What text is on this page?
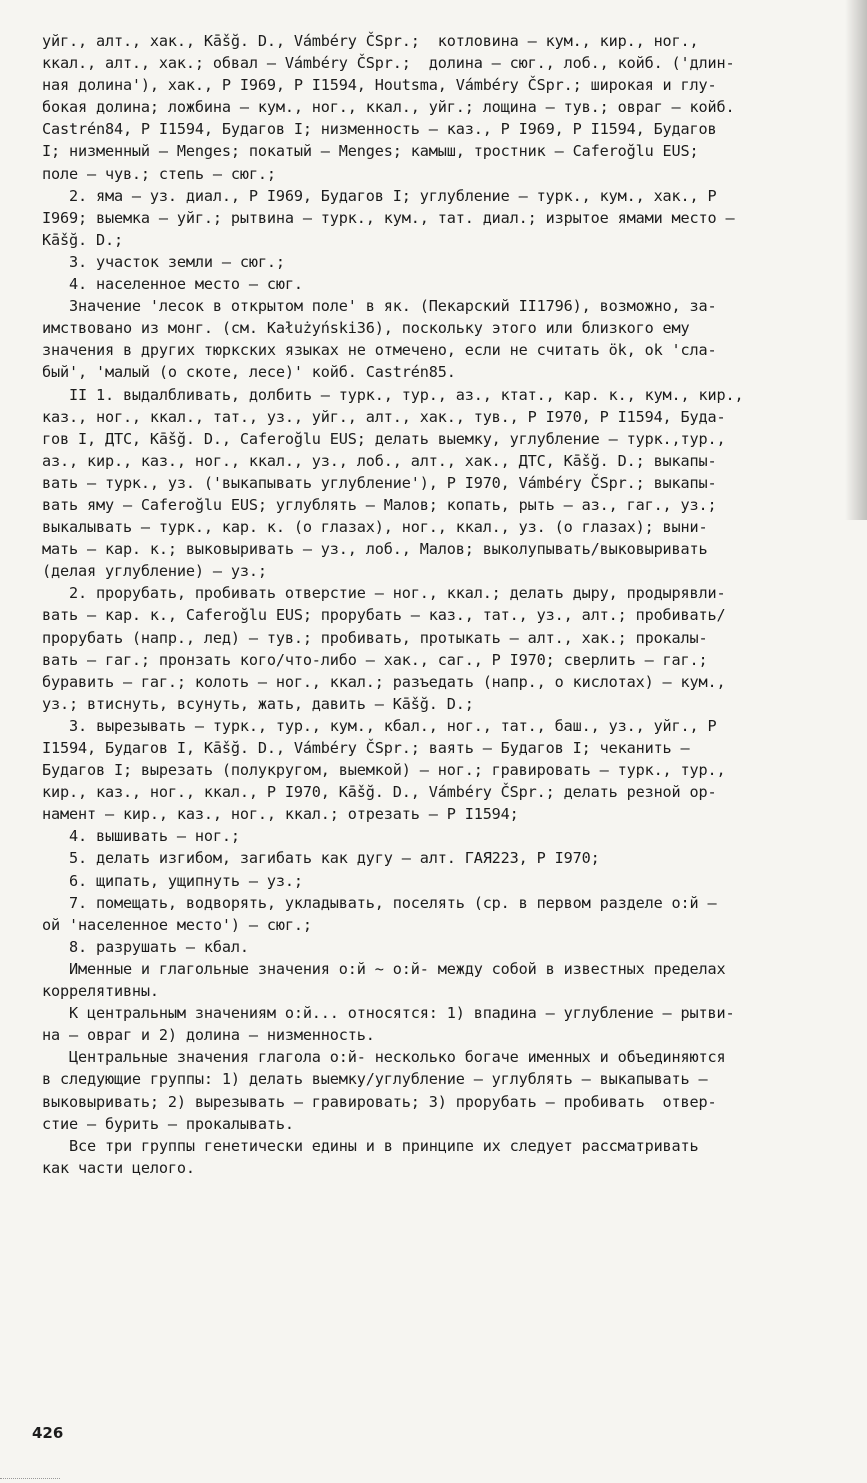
уйг., алт., хак., Kāšğ. D., Vámbéry ČSpr.;  котловина – кум., кир., ног.,
ккал., алт., хак.; обвал – Vámbéry ČSpr.;  долина – сюг., лоб., койб. ('длин-
ная долина'), хак., Р I969, Р I1594, Houtsma, Vámbéry ČSpr.; широкая и глу-
бокая долина; ложбина – кум., ног., ккал., уйг.; лощина – тув.; овраг – койб.
Castrén84, Р I1594, Будагов I; низменность – каз., Р I969, Р I1594, Будагов
I; низменный – Menges; покатый – Menges; камыш, тростник – Caferoğlu EUS;
поле – чув.; степь – сюг.;
2. яма – уз. диал., Р I969, Будагов I; углубление – турк., кум., хак., Р
I969; выемка – уйг.; рытвина – турк., кум., тат. диал.; изрытое ямами место –
Kāšğ. D.;
3. участок земли – сюг.;
4. населенное место – сюг.
Значение 'лесок в открытом поле' в як. (Пекарский II1796), возможно, за-
имствовано из монг. (см. Kałużyński36), поскольку этого или близкого ему
значения в других тюркских языках не отмечено, если не считать ök, ok 'сла-
бый', 'малый (о скоте, лесе)' койб. Castrén85.
II 1. выдалбливать, долбить – турк., тур., аз., ктат., кар. к., кум., кир.,
каз., ног., ккал., тат., уз., уйг., алт., хак., тув., Р I970, Р I1594, Буда-
гов I, ДТС, Kāšğ. D., Caferoğlu EUS; делать выемку, углубление – турк.,тур.,
аз., кир., каз., ног., ккал., уз., лоб., алт., хак., ДТС, Kāšğ. D.; выкапы-
вать – турк., уз. ('выкапывать углубление'), Р I970, Vámbéry ČSpr.; выкапы-
вать яму – Caferoğlu EUS; углублять – Малов; копать, рыть – аз., гаг., уз.;
выкалывать – турк., кар. к. (о глазах), ног., ккал., уз. (о глазах); выни-
мать – кар. к.; выковыривать – уз., лоб., Малов; выколупывать/выковыривать
(делая углубление) – уз.;
2. прорубать, пробивать отверстие – ног., ккал.; делать дыру, продырявли-
вать – кар. к., Caferoğlu EUS; прорубать – каз., тат., уз., алт.; пробивать/
прорубать (напр., лед) – тув.; пробивать, протыкать – алт., хак.; прокалы-
вать – гаг.; пронзать кого/что-либо – хак., саг., Р I970; сверлить – гаг.;
буравить – гаг.; колоть – ног., ккал.; разъедать (напр., о кислотах) – кум.,
уз.; втиснуть, всунуть, жать, давить – Kāšğ. D.;
3. вырезывать – турк., тур., кум., кбал., ног., тат., баш., уз., уйг., Р
I1594, Будагов I, Kāšğ. D., Vámbéry ČSpr.; ваять – Будагов I; чеканить –
Будагов I; вырезать (полукругом, выемкой) – ног.; гравировать – турк., тур.,
кир., каз., ног., ккал., Р I970, Kāšğ. D., Vámbéry ČSpr.; делать резной ор-
намент – кир., каз., ног., ккал.; отрезать – Р I1594;
4. вышивать – ног.;
5. делать изгибом, загибать как дугу – алт. ГАЯ223, Р I970;
6. щипать, ущипнуть – уз.;
7. помещать, водворять, укладывать, поселять (ср. в первом разделе о:й –
ой 'населенное место') – сюг.;
8. разрушать – кбал.
Именные и глагольные значения о:й ~ о:й- между собой в известных пределах
коррелятивны.
К центральным значениям о:й... относятся: 1) впадина – углубление – рытви-
на – овраг и 2) долина – низменность.
Центральные значения глагола о:й- несколько богаче именных и объединяются
в следующие группы: 1) делать выемку/углубление – углублять – выкапывать –
выковыривать; 2) вырезывать – гравировать; 3) прорубать – пробивать  отвер-
стие – бурить – прокалывать.
Все три группы генетически едины и в принципе их следует рассматривать
как части целого.
426
